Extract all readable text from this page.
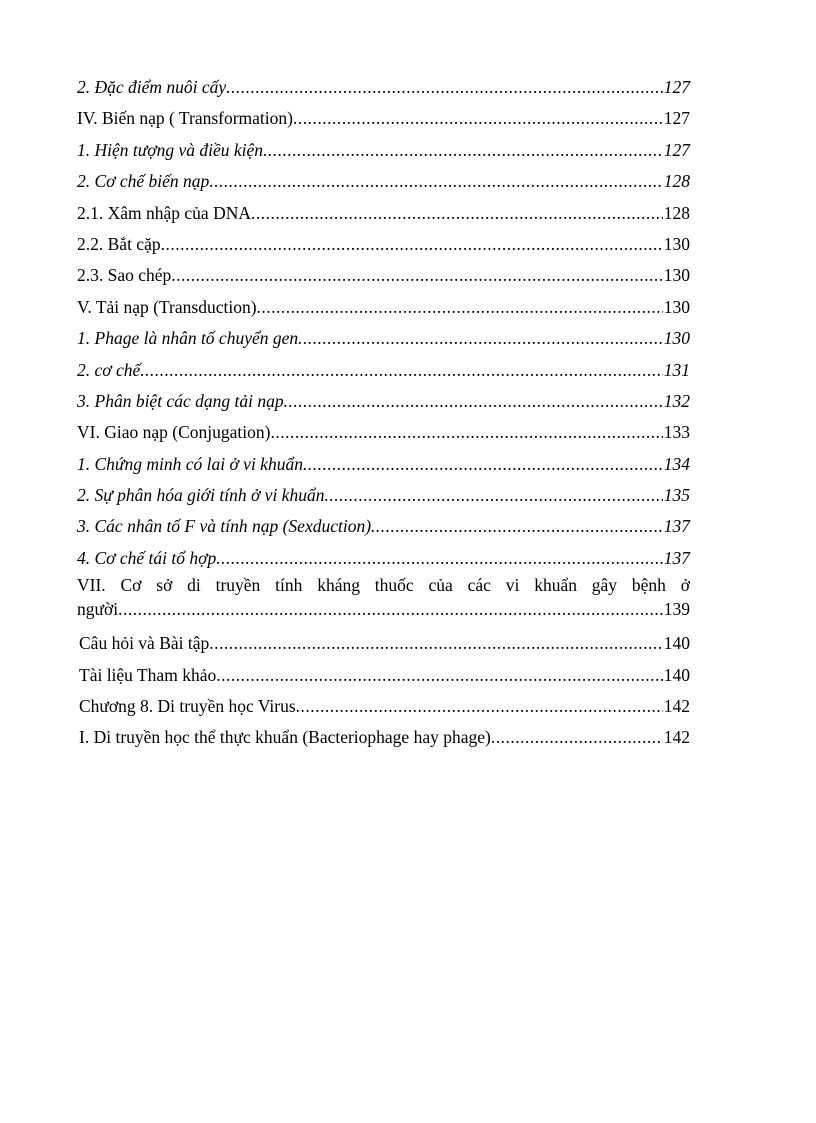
2. Đặc điểm nuôi cấy .....	127
IV. Biến nạp ( Transformation) .....	127
1. Hiện tượng và điều kiện .....	127
2. Cơ chế biến nạp .....	128
2.1. Xâm nhập của DNA .....	128
2.2. Bắt cặp .....	130
2.3. Sao chép .....	130
V. Tải nạp (Transduction) .....	130
1. Phage là nhân tố chuyển gen .....	130
2. cơ chế .....	131
3. Phân biệt các dạng tải nạp .....	132
VI. Giao nạp (Conjugation) .....	133
1. Chứng minh có lai ở vi khuẩn .....	134
2. Sự phân hóa giới tính ở vi khuẩn .....	135
3. Các nhân tố F và tính nạp (Sexduction) .....	137
4. Cơ chế tái tổ hợp .....	137
VII. Cơ sở di truyền tính kháng thuốc của các vi khuẩn gây bệnh ở
người .....	139
Câu hỏi và Bài tập .....	140
Tài liệu Tham khảo .....	140
Chương 8. Di truyền học Virus .....	142
I. Di truyền học thể thực khuẩn (Bacteriophage hay phage) .....	142
